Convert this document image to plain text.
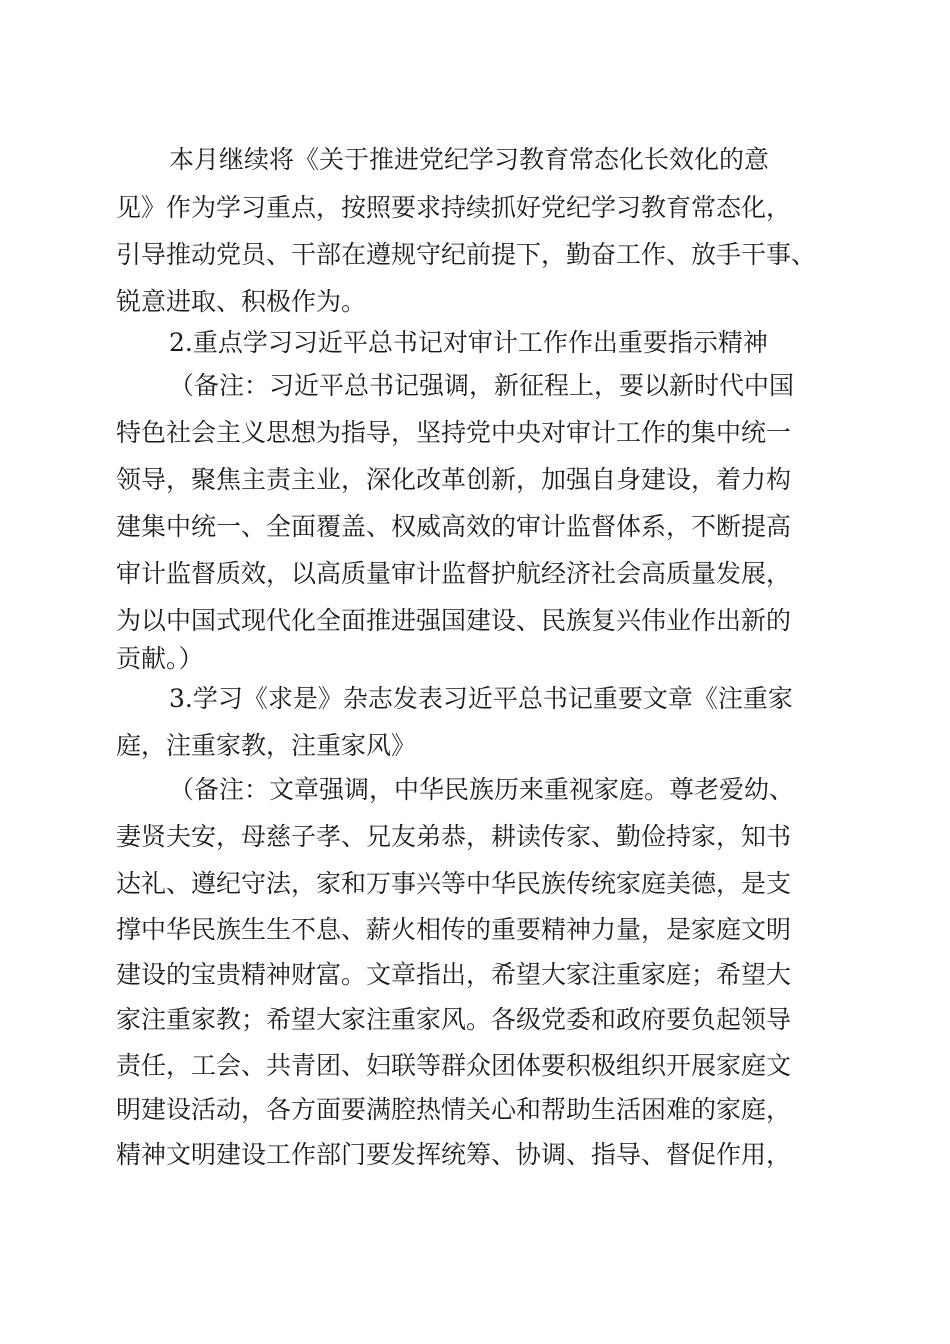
本月继续将《关于推进党纪学习教育常态化长效化的意
见》作为学习重点，按照要求持续抓好党纪学习教育常态化，
引导推动党员、干部在遵规守纪前提下，勤奋工作、放手干事、
锐意进取、积极作为。
2.重点学习习近平总书记对审计工作作出重要指示精神
（备注：习近平总书记强调，新征程上，要以新时代中国
特色社会主义思想为指导，坚持党中央对审计工作的集中统一
领导，聚焦主责主业，深化改革创新，加强自身建设，着力构
建集中统一、全面覆盖、权威高效的审计监督体系，不断提高
审计监督质效，以高质量审计监督护航经济社会高质量发展，
为以中国式现代化全面推进强国建设、民族复兴伟业作出新的
贡献。）
3.学习《求是》杂志发表习近平总书记重要文章《注重家
庭，注重家教，注重家风》
（备注：文章强调，中华民族历来重视家庭。尊老爱幼、
妻贤夫安，母慈子孝、兄友弟恭，耕读传家、勤俭持家，知书
达礼、遵纪守法，家和万事兴等中华民族传统家庭美德，是支
撑中华民族生生不息、薪火相传的重要精神力量，是家庭文明
建设的宝贵精神财富。文章指出，希望大家注重家庭；希望大
家注重家教；希望大家注重家风。各级党委和政府要负起领导
责任，工会、共青团、妇联等群众团体要积极组织开展家庭文
明建设活动，各方面要满腔热情关心和帮助生活困难的家庭，
精神文明建设工作部门要发挥统筹、协调、指导、督促作用，
